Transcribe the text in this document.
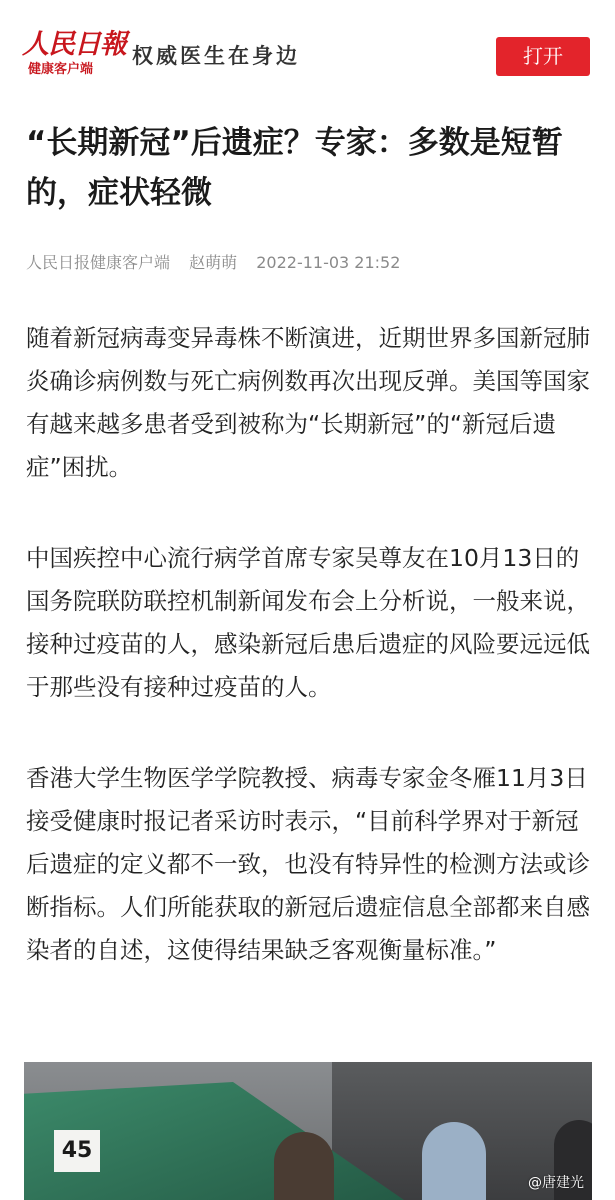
人民日報
健康客户端
权威医生在身边	打开
“长期新冠”后遗症？专家：多数是短暂的，症状轻微
人民日报健康客户端 赵萌萌 2022-11-03 21:52

随着新冠病毒变异毒株不断演进，近期世界多国新冠肺炎确诊病例数与死亡病例数再次出现反弹。美国等国家有越来越多患者受到被称为“长期新冠”的“新冠后遗症”困扰。

中国疾控中心流行病学首席专家吴尊友在10月13日的国务院联防联控机制新闻发布会上分析说，一般来说，接种过疫苗的人，感染新冠后患后遗症的风险要远远低于那些没有接种过疫苗的人。

香港大学生物医学学院教授、病毒专家金冬雁11月3日接受健康时报记者采访时表示，“目前科学界对于新冠后遗症的定义都不一致，也没有特异性的检测方法或诊断指标。人们所能获取的新冠后遗症信息全部都来自感染者的自述，这使得结果缺乏客观衡量标准。”

45
@唐建光
